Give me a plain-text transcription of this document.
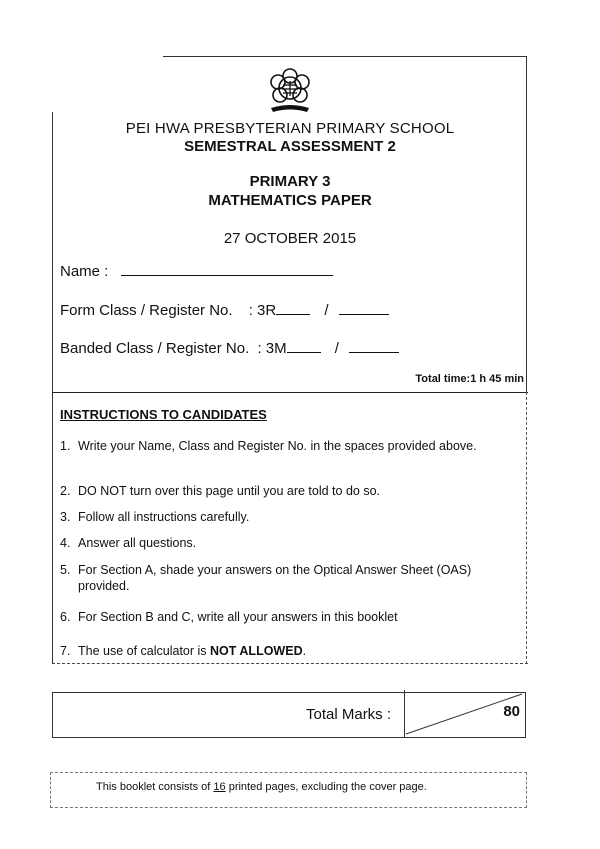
PEI HWA PRESBYTERIAN PRIMARY SCHOOL
SEMESTRAL ASSESSMENT 2
PRIMARY 3
MATHEMATICS PAPER
27 OCTOBER 2015
Name :
Form Class / Register No. : 3R	/
Banded Class / Register No. : 3M	/
Total time:1 h 45 min
INSTRUCTIONS TO CANDIDATES
1. Write your Name, Class and Register No. in the spaces provided above.
2. DO NOT turn over this page until you are told to do so.
3. Follow all instructions carefully.
4. Answer all questions.
5. For Section A, shade your answers on the Optical Answer Sheet (OAS) provided.
6. For Section B and C, write all your answers in this booklet
7. The use of calculator is NOT ALLOWED.
Total Marks :	80
This booklet consists of 16 printed pages, excluding the cover page.
